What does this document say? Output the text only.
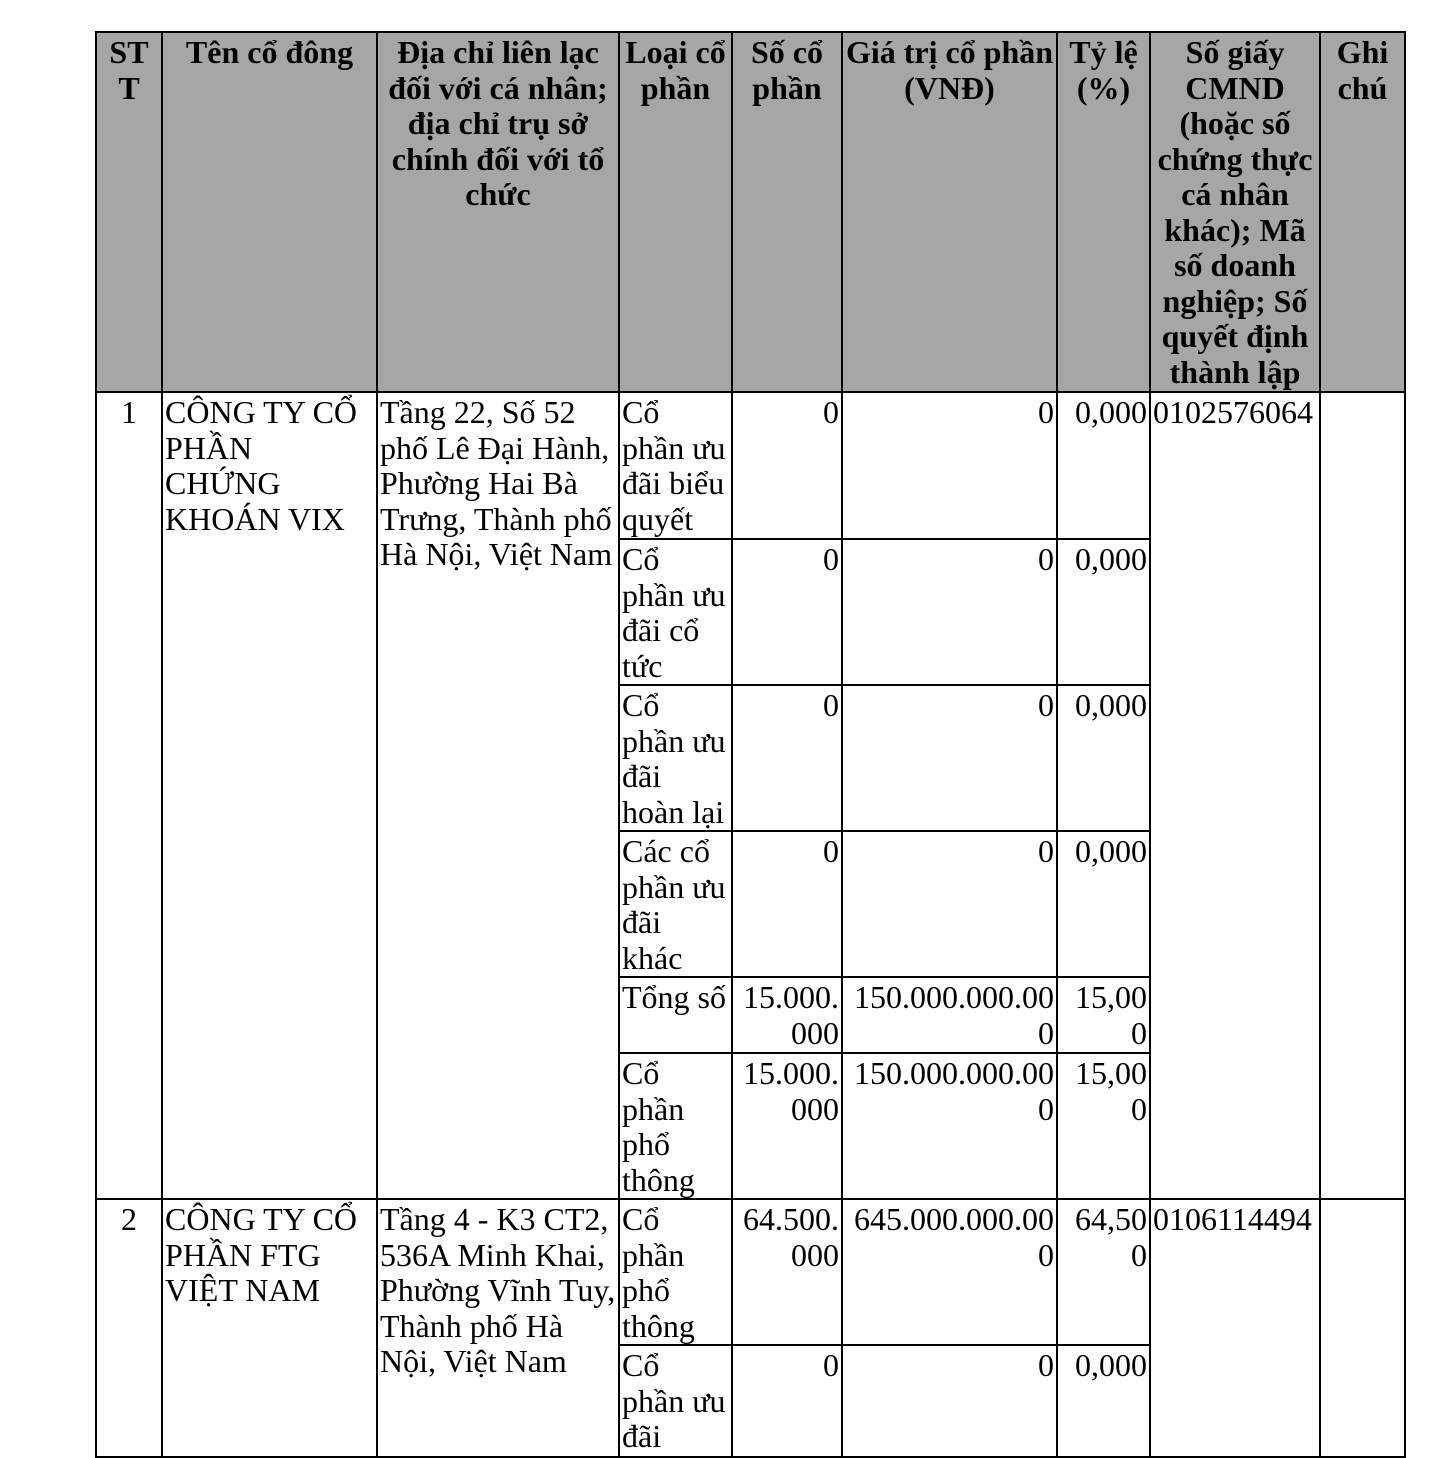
STT	Tên cổ đông	Địa chỉ liên lạc đối với cá nhân; địa chỉ trụ sở chính đối với tổ chức	Loại cổ phần	Số cổ phần	Giá trị cổ phần (VNĐ)	Tỷ lệ (%)	Số giấy CMND (hoặc số chứng thực cá nhân khác); Mã số doanh nghiệp; Số quyết định thành lập	Ghi chú
1	CÔNG TY CỔ PHẦN CHỨNG KHOÁN VIX	Tầng 22, Số 52 phố Lê Đại Hành, Phường Hai Bà Trưng, Thành phố Hà Nội, Việt Nam	Cổ phần ưu đãi biểu quyết	0	0	0,000	0102576064	
			Cổ phần ưu đãi cổ tức	0	0	0,000		
			Cổ phần ưu đãi hoàn lại	0	0	0,000		
			Các cổ phần ưu đãi khác	0	0	0,000		
			Tổng số	15.000.000	150.000.000.000	15,000		
			Cổ phần phổ thông	15.000.000	150.000.000.000	15,000		
2	CÔNG TY CỔ PHẦN FTG VIỆT NAM	Tầng 4 - K3 CT2, 536A Minh Khai, Phường Vĩnh Tuy, Thành phố Hà Nội, Việt Nam	Cổ phần phổ thông	64.500.000	645.000.000.000	64,500	0106114494	
			Cổ phần ưu đãi	0	0	0,000		
